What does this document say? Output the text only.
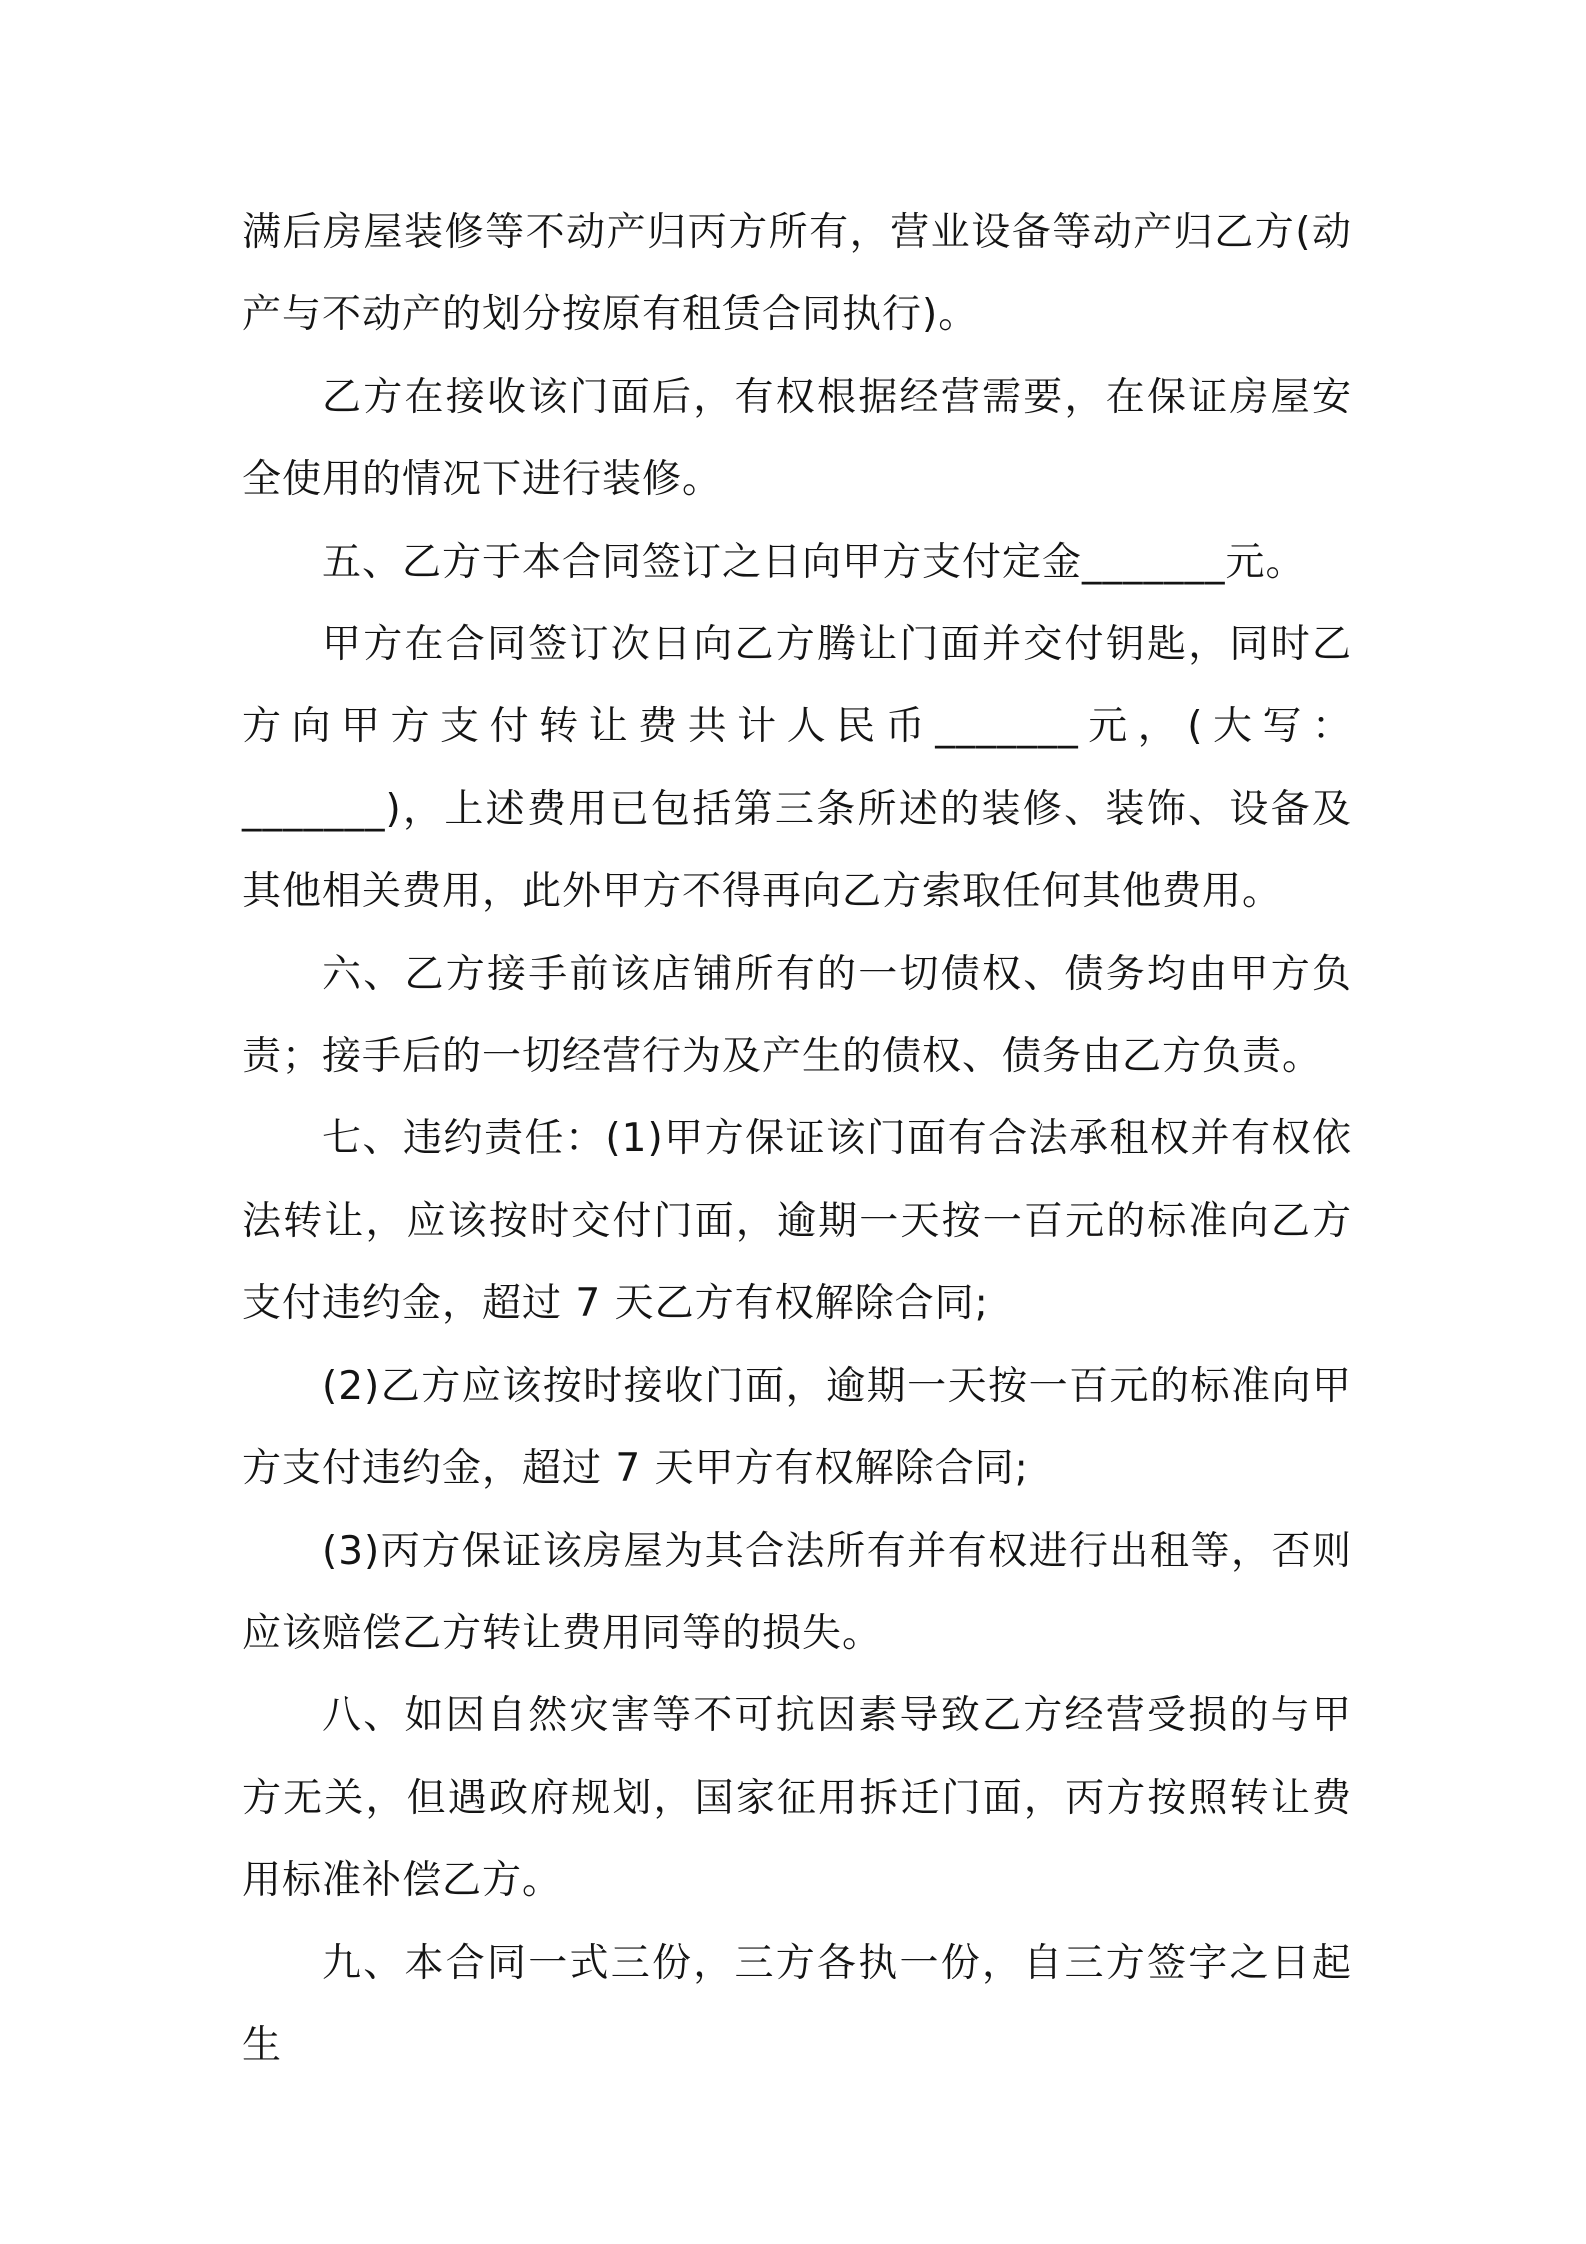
满后房屋装修等不动产归丙方所有，营业设备等动产归乙方(动产与不动产的划分按原有租赁合同执行)。

乙方在接收该门面后，有权根据经营需要，在保证房屋安全使用的情况下进行装修。

五、乙方于本合同签订之日向甲方支付定金_______元。

甲方在合同签订次日向乙方腾让门面并交付钥匙，同时乙方向甲方支付转让费共计人民币_______元，(大写：_______)，上述费用已包括第三条所述的装修、装饰、设备及其他相关费用，此外甲方不得再向乙方索取任何其他费用。

六、乙方接手前该店铺所有的一切债权、债务均由甲方负责；接手后的一切经营行为及产生的债权、债务由乙方负责。

七、违约责任：(1)甲方保证该门面有合法承租权并有权依法转让，应该按时交付门面，逾期一天按一百元的标准向乙方支付违约金，超过 7 天乙方有权解除合同;

(2)乙方应该按时接收门面，逾期一天按一百元的标准向甲方支付违约金，超过 7 天甲方有权解除合同;

(3)丙方保证该房屋为其合法所有并有权进行出租等，否则应该赔偿乙方转让费用同等的损失。

八、如因自然灾害等不可抗因素导致乙方经营受损的与甲方无关，但遇政府规划，国家征用拆迁门面，丙方按照转让费用标准补偿乙方。

九、本合同一式三份，三方各执一份，自三方签字之日起生
